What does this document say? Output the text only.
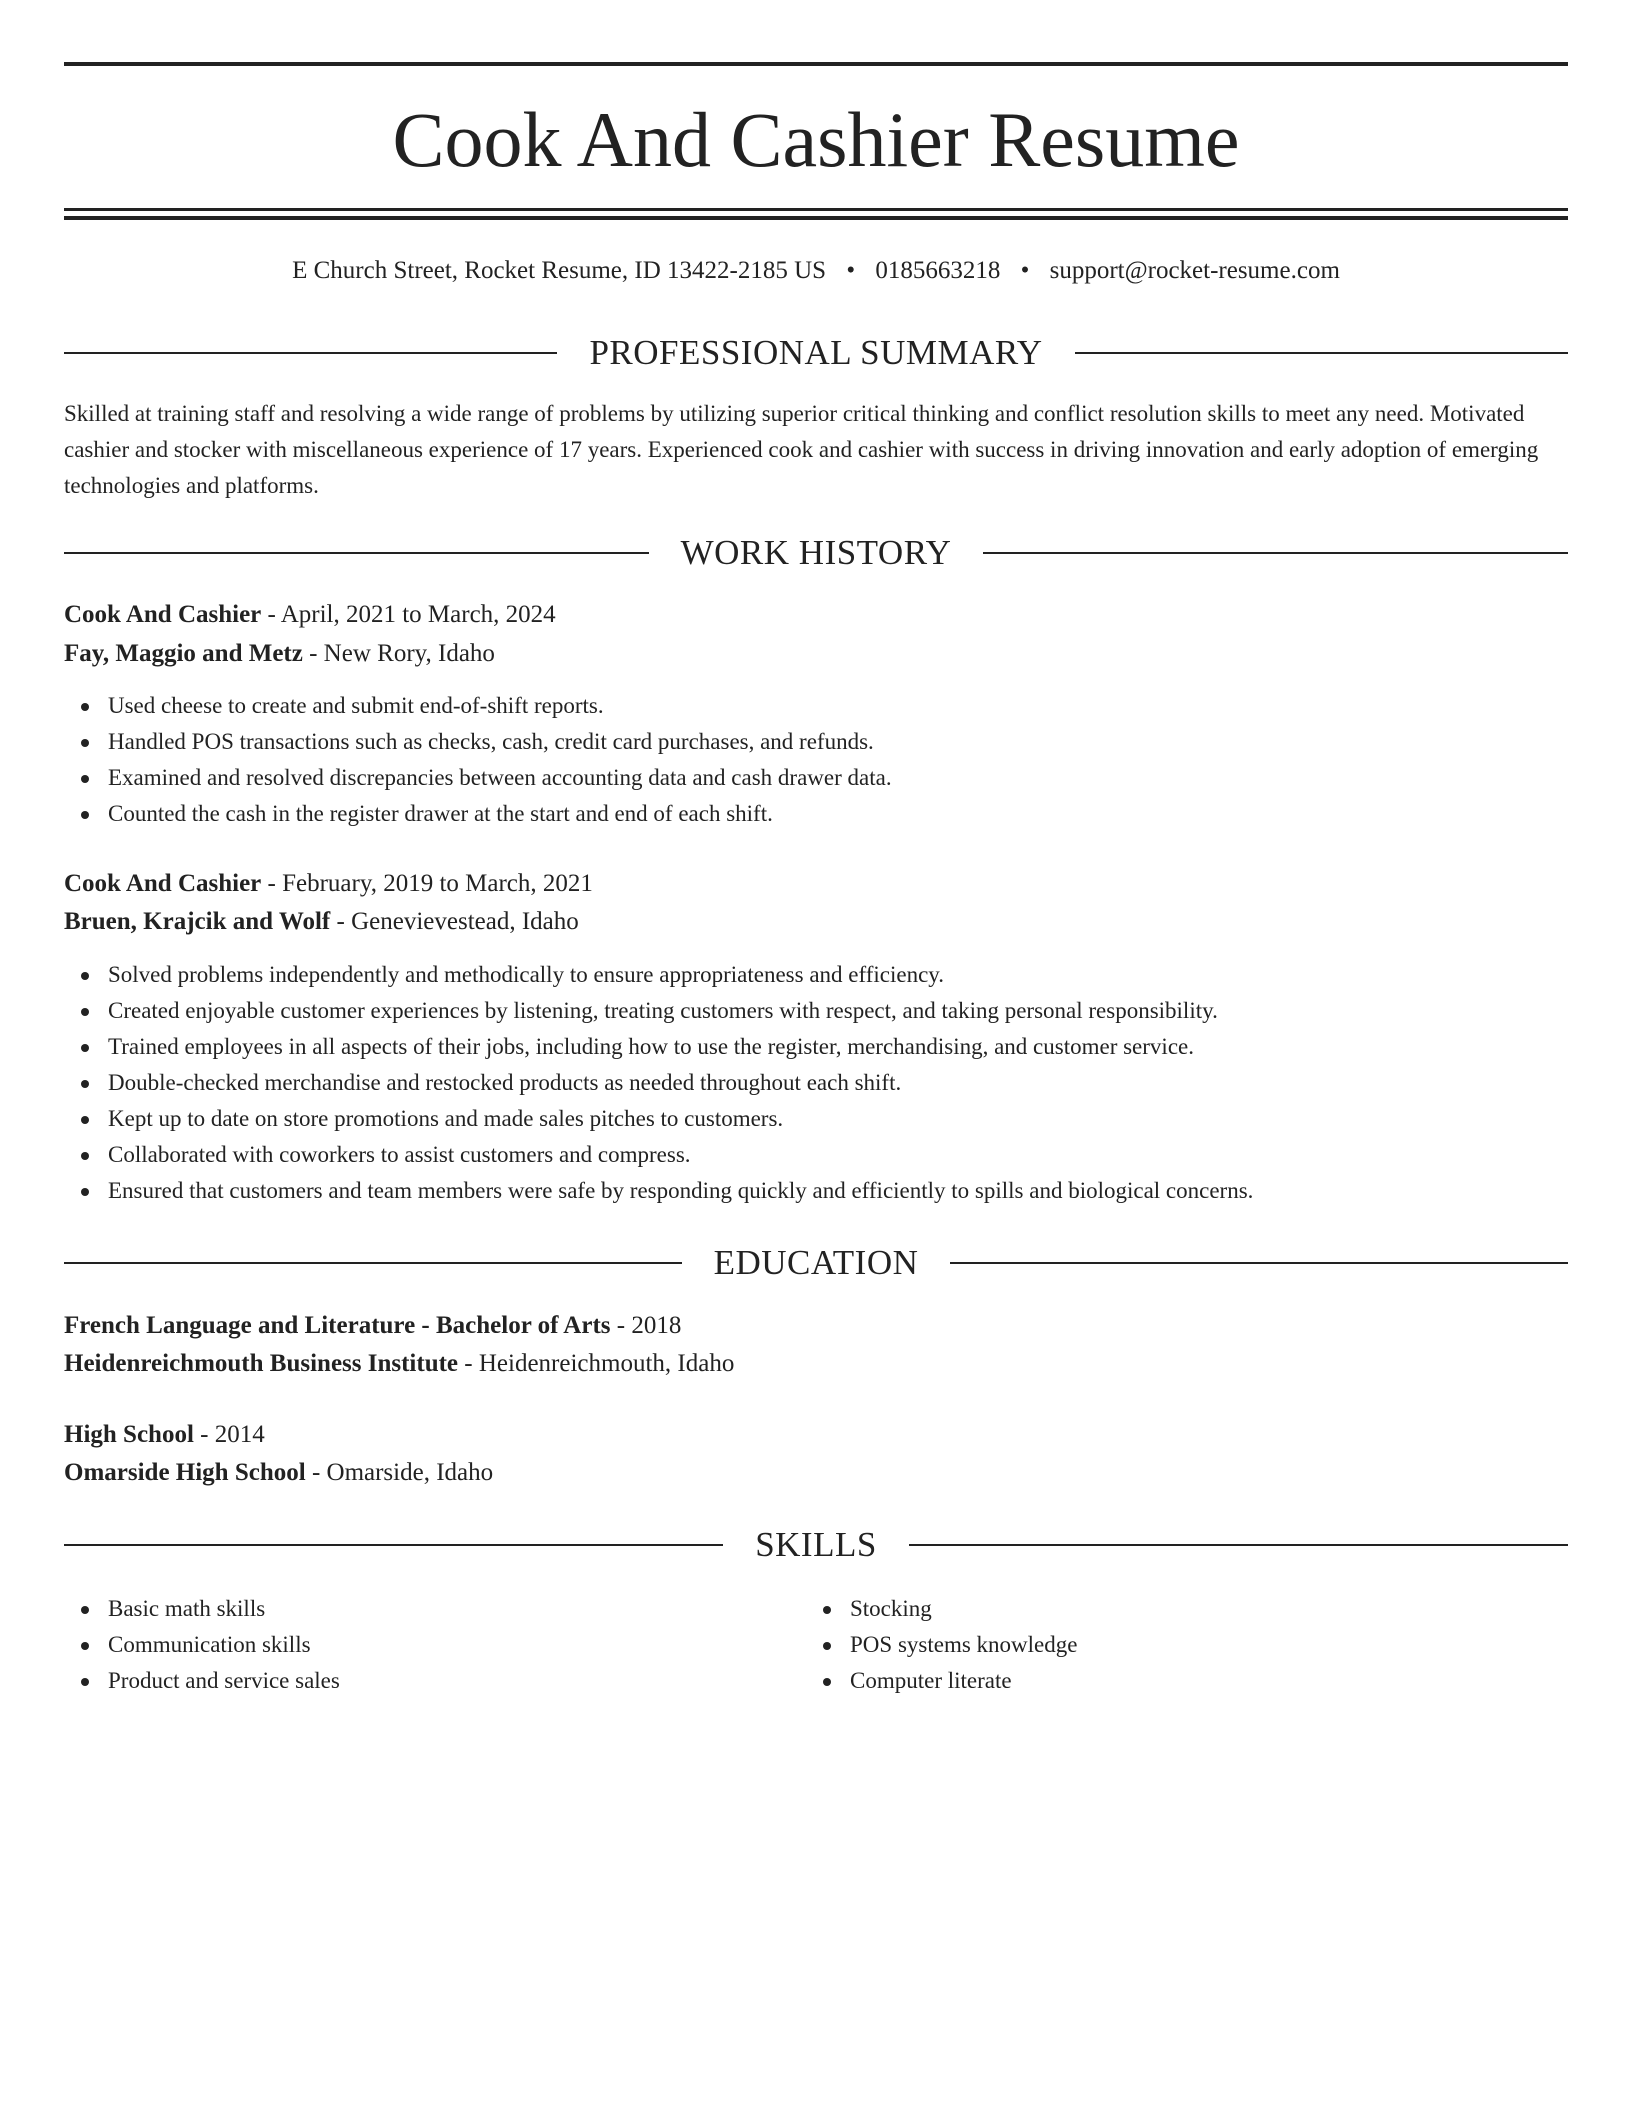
Cook And Cashier Resume
E Church Street, Rocket Resume, ID 13422-2185 US • 0185663218 • support@rocket-resume.com
PROFESSIONAL SUMMARY

Skilled at training staff and resolving a wide range of problems by utilizing superior critical thinking and conflict resolution skills to meet any need. Motivated cashier and stocker with miscellaneous experience of 17 years. Experienced cook and cashier with success in driving innovation and early adoption of emerging technologies and platforms.

WORK HISTORY
Cook And Cashier - April, 2021 to March, 2024
Fay, Maggio and Metz - New Rory, Idaho
Used cheese to create and submit end-of-shift reports.
Handled POS transactions such as checks, cash, credit card purchases, and refunds.
Examined and resolved discrepancies between accounting data and cash drawer data.
Counted the cash in the register drawer at the start and end of each shift.
Cook And Cashier - February, 2019 to March, 2021
Bruen, Krajcik and Wolf - Genevievestead, Idaho
Solved problems independently and methodically to ensure appropriateness and efficiency.
Created enjoyable customer experiences by listening, treating customers with respect, and taking personal responsibility.
Trained employees in all aspects of their jobs, including how to use the register, merchandising, and customer service.
Double-checked merchandise and restocked products as needed throughout each shift.
Kept up to date on store promotions and made sales pitches to customers.
Collaborated with coworkers to assist customers and compress.
Ensured that customers and team members were safe by responding quickly and efficiently to spills and biological concerns.
EDUCATION
French Language and Literature - Bachelor of Arts - 2018
Heidenreichmouth Business Institute - Heidenreichmouth, Idaho
High School - 2014
Omarside High School - Omarside, Idaho
SKILLS
Basic math skills
Communication skills
Product and service sales
Stocking
POS systems knowledge
Computer literate
